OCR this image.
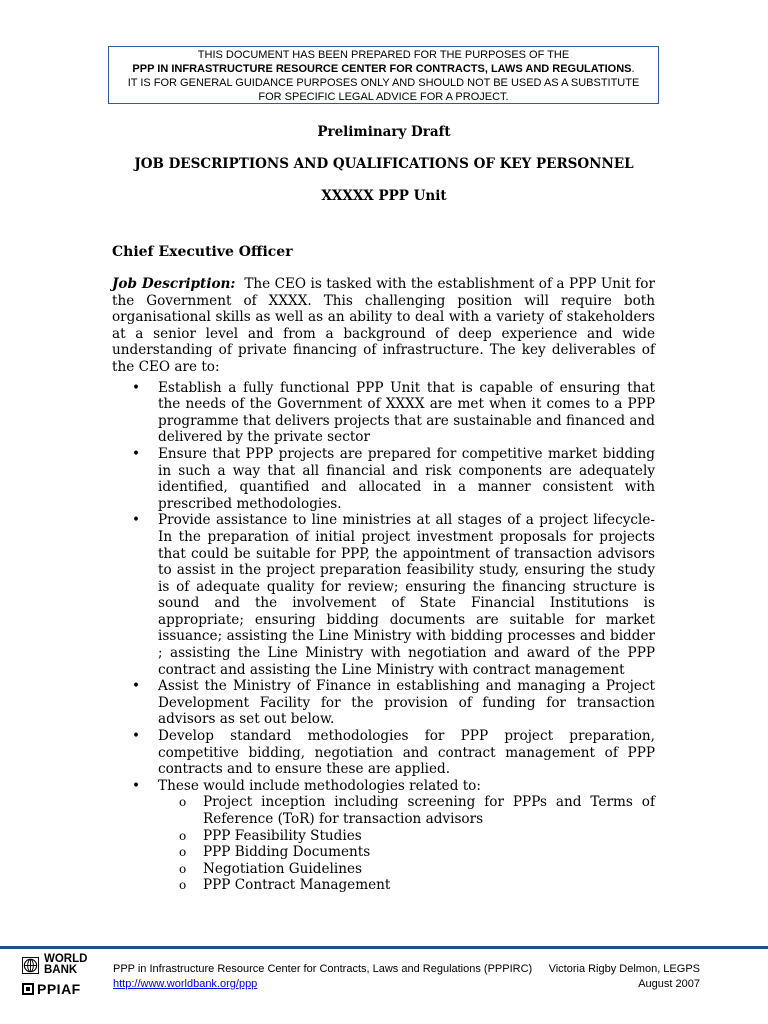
THIS DOCUMENT HAS BEEN PREPARED FOR THE PURPOSES OF THE
PPP IN INFRASTRUCTURE RESOURCE CENTER FOR CONTRACTS, LAWS AND REGULATIONS.
IT IS FOR GENERAL GUIDANCE PURPOSES ONLY AND SHOULD NOT BE USED AS A SUBSTITUTE
FOR SPECIFIC LEGAL ADVICE FOR A PROJECT.
Preliminary Draft
JOB DESCRIPTIONS AND QUALIFICATIONS OF KEY PERSONNEL
XXXXX PPP Unit
Chief Executive Officer

Job Description: The CEO is tasked with the establishment of a PPP Unit for the Government of XXXX. This challenging position will require both organisational skills as well as an ability to deal with a variety of stakeholders at a senior level and from a background of deep experience and wide understanding of private financing of infrastructure. The key deliverables of the CEO are to:

• Establish a fully functional PPP Unit that is capable of ensuring that the needs of the Government of XXXX are met when it comes to a PPP programme that delivers projects that are sustainable and financed and delivered by the private sector
• Ensure that PPP projects are prepared for competitive market bidding in such a way that all financial and risk components are adequately identified, quantified and allocated in a manner consistent with prescribed methodologies.
• Provide assistance to line ministries at all stages of a project lifecycle- In the preparation of initial project investment proposals for projects that could be suitable for PPP, the appointment of transaction advisors to assist in the project preparation feasibility study, ensuring the study is of adequate quality for review; ensuring the financing structure is sound and the involvement of State Financial Institutions is appropriate; ensuring bidding documents are suitable for market issuance; assisting the Line Ministry with bidding processes and bidder ; assisting the Line Ministry with negotiation and award of the PPP contract and assisting the Line Ministry with contract management
• Assist the Ministry of Finance in establishing and managing a Project Development Facility for the provision of funding for transaction advisors as set out below.
• Develop standard methodologies for PPP project preparation, competitive bidding, negotiation and contract management of PPP contracts and to ensure these are applied.
• These would include methodologies related to:
o Project inception including screening for PPPs and Terms of Reference (ToR) for transaction advisors
o PPP Feasibility Studies
o PPP Bidding Documents
o Negotiation Guidelines
o PPP Contract Management
WORLD
BANK
PPIAF
PPP in Infrastructure Resource Center for Contracts, Laws and Regulations (PPPIRC)
http://www.worldbank.org/ppp
Victoria Rigby Delmon, LEGPS
August 2007
